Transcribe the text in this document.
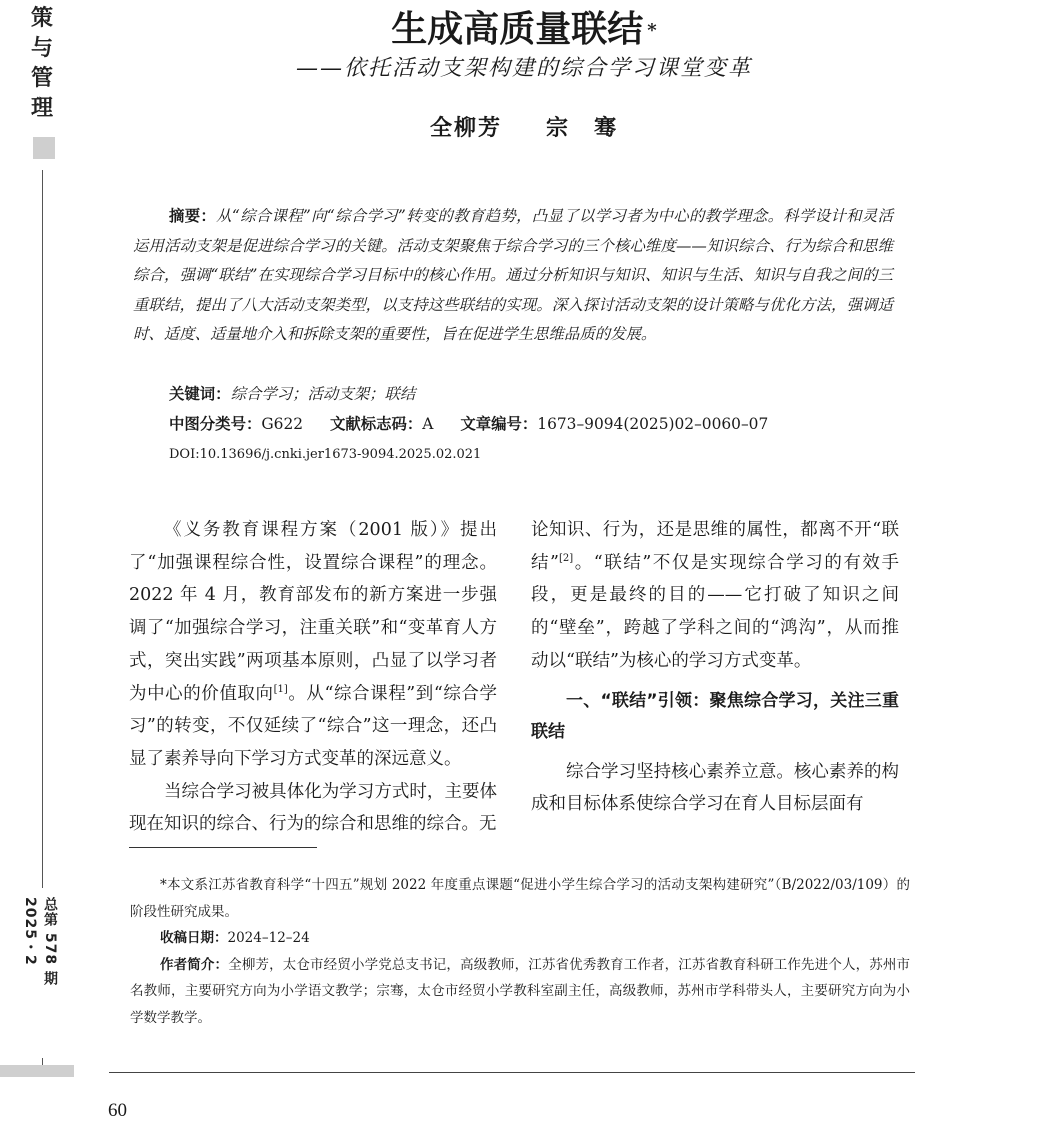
策
与
管
理
总第 578 期2025・2
生成高质量联结 *
——依托活动支架构建的综合学习课堂变革
全柳芳 宗　骞
摘要：从“综合课程”向“综合学习”转变的教育趋势，凸显了以学习者为中心的教学理念。科学设计和灵活运用活动支架是促进综合学习的关键。活动支架聚焦于综合学习的三个核心维度——知识综合、行为综合和思维综合，强调“联结”在实现综合学习目标中的核心作用。通过分析知识与知识、知识与生活、知识与自我之间的三重联结，提出了八大活动支架类型，以支持这些联结的实现。深入探讨活动支架的设计策略与优化方法，强调适时、适度、适量地介入和拆除支架的重要性，旨在促进学生思维品质的发展。
关键词：综合学习；活动支架；联结
中图分类号：G622 文献标志码：A 文章编号：1673–9094(2025)02–0060–07
DOI:10.13696/j.cnki.jer1673-9094.2025.02.021

《义务教育课程方案（2001 版）》提出了“加强课程综合性，设置综合课程”的理念。2022 年 4 月，教育部发布的新方案进一步强调了“加强综合学习，注重关联”和“变革育人方式，突出实践”两项基本原则，凸显了以学习者为中心的价值取向[1]。从“综合课程”到“综合学习”的转变，不仅延续了“综合”这一理念，还凸显了素养导向下学习方式变革的深远意义。

当综合学习被具体化为学习方式时，主要体现在知识的综合、行为的综合和思维的综合。无

论知识、行为，还是思维的属性，都离不开“联结”[2]。“联结”不仅是实现综合学习的有效手段，更是最终的目的——它打破了知识之间的“壁垒”，跨越了学科之间的“鸿沟”，从而推动以“联结”为核心的学习方式变革。

一、“联结”引领：聚焦综合学习，关注三重联结

综合学习坚持核心素养立意。核心素养的构成和目标体系使综合学习在育人目标层面有

*本文系江苏省教育科学“十四五”规划 2022 年度重点课题“促进小学生综合学习的活动支架构建研究”（B/2022/03/109）的阶段性研究成果。

收稿日期：2024–12–24

作者简介：全柳芳，太仓市经贸小学党总支书记，高级教师，江苏省优秀教育工作者，江苏省教育科研工作先进个人，苏州市名教师，主要研究方向为小学语文教学；宗骞，太仓市经贸小学教科室副主任，高级教师，苏州市学科带头人，主要研究方向为小学数学教学。

60
